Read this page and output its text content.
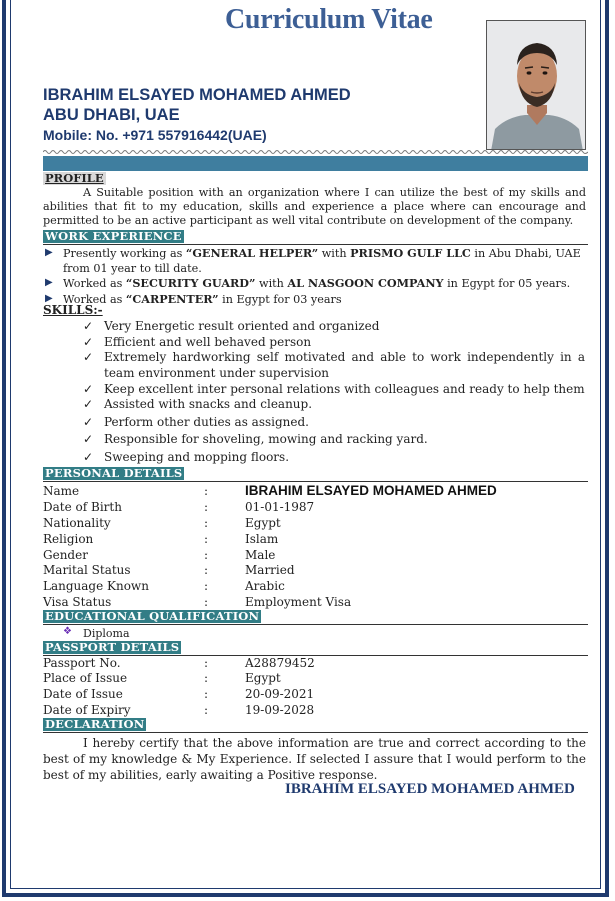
Curriculum Vitae
IBRAHIM ELSAYED MOHAMED AHMED
ABU DHABI, UAE
Mobile: No. +971 557916442(UAE)
PROFILE
A Suitable position with an organization where I can utilize the best of my skills and abilities that fit to my education, skills and experience a place where can encourage and permitted to be an active participant as well vital contribute on development of the company.
WORK EXPERIENCE
▶ Presently working as “GENERAL HELPER” with PRISMO GULF LLC in Abu Dhabi, UAE from 01 year to till date.
▶ Worked as “SECURITY GUARD” with AL NASGOON COMPANY in Egypt for 05 years.
▶ Worked as “CARPENTER” in Egypt for 03 years
SKILLS:-
✓ Very Energetic result oriented and organized
✓ Efficient and well behaved person
✓ Extremely hardworking self motivated and able to work independently in a team environment under supervision
✓ Keep excellent inter personal relations with colleagues and ready to help them
✓ Assisted with snacks and cleanup.
✓ Perform other duties as assigned.
✓ Responsible for shoveling, mowing and racking yard.
✓ Sweeping and mopping floors.
PERSONAL DETAILS
Name	:	IBRAHIM ELSAYED MOHAMED AHMED
Date of Birth	:	01-01-1987
Nationality	:	Egypt
Religion	:	Islam
Gender	:	Male
Marital Status	:	Married
Language Known	:	Arabic
Visa Status	:	Employment Visa
EDUCATIONAL QUALIFICATION
❖ Diploma
PASSPORT DETAILS
Passport No.	:	A28879452
Place of Issue	:	Egypt
Date of Issue	:	20-09-2021
Date of Expiry	:	19-09-2028
DECLARATION
I hereby certify that the above information are true and correct according to the best of my knowledge & My Experience. If selected I assure that I would perform to the best of my abilities, early awaiting a Positive response.
IBRAHIM ELSAYED MOHAMED AHMED
